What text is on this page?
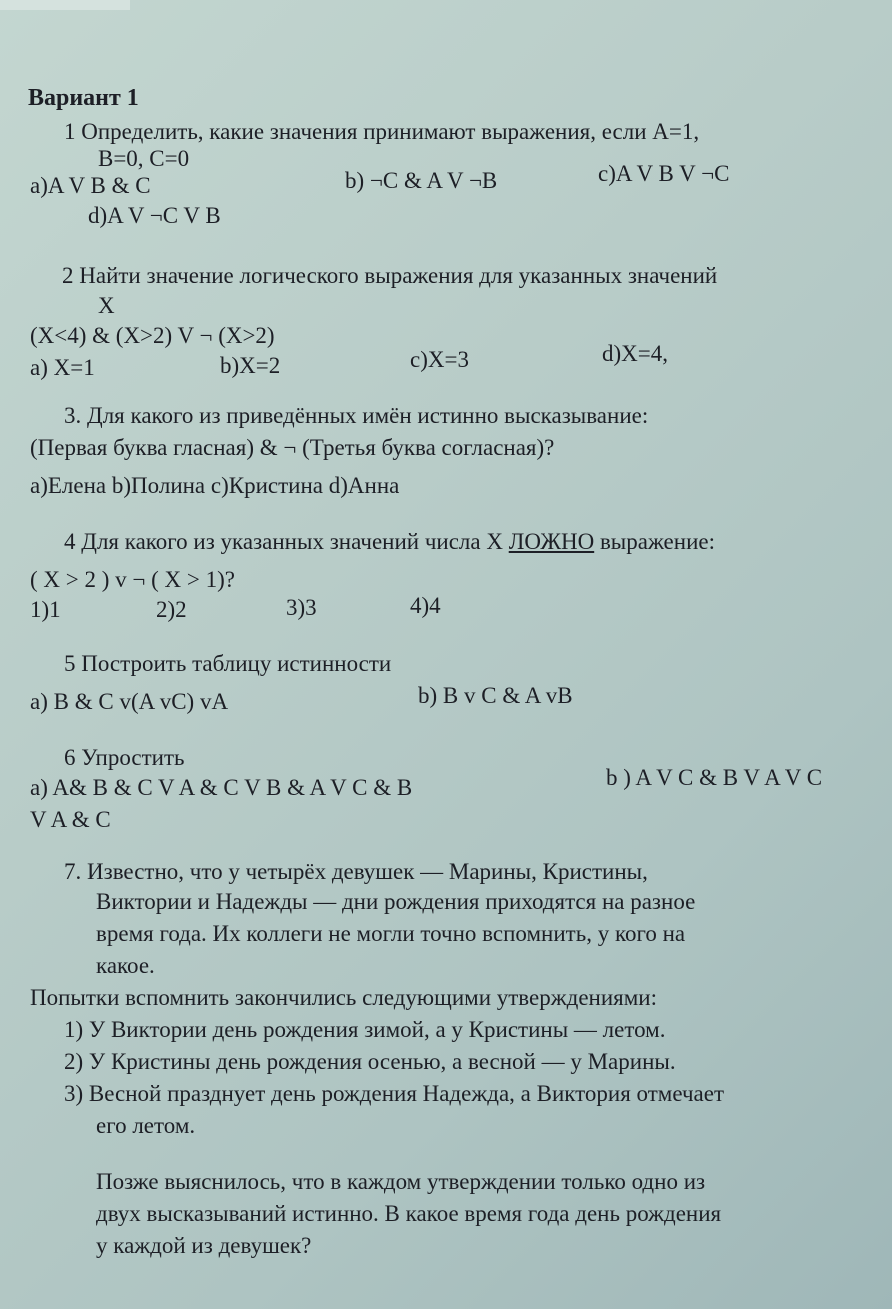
Вариант 1
1 Определить, какие значения принимают выражения, если А=1,
В=0, С=0
a)A V B & C	b) ¬C & A V ¬B	c)A V B V ¬C
d)A V ¬C V B
2 Найти значение логического выражения для указанных значений
X
(X<4) & (X>2) V ¬ (X>2)
a) X=1	b)X=2	c)X=3	d)X=4,
3. Для какого из приведённых имён истинно высказывание:
(Первая буква гласная) & ¬ (Третья буква согласная)?
a)Елена b)Полина c)Кристина d)Анна
4 Для какого из указанных значений числа X ЛОЖНО выражение:
( X > 2 ) v ¬ ( X > 1)?
1)1	2)2	3)3	4)4
5 Построить таблицу истинности
a) B & C v(A vC) vA	b) B v C & A vB
6 Упростить
a) A& B & C V A & C V B & A V C & B	b ) A V C & B V A V C
V A & C
7. Известно, что у четырёх девушек — Марины, Кристины,
Виктории и Надежды — дни рождения приходятся на разное
время года. Их коллеги не могли точно вспомнить, у кого на
какое.
Попытки вспомнить закончились следующими утверждениями:
1) У Виктории день рождения зимой, а у Кристины — летом.
2) У Кристины день рождения осенью, а весной — у Марины.
3) Весной празднует день рождения Надежда, а Виктория отмечает
его летом.
Позже выяснилось, что в каждом утверждении только одно из
двух высказываний истинно. В какое время года день рождения
у каждой из девушек?
